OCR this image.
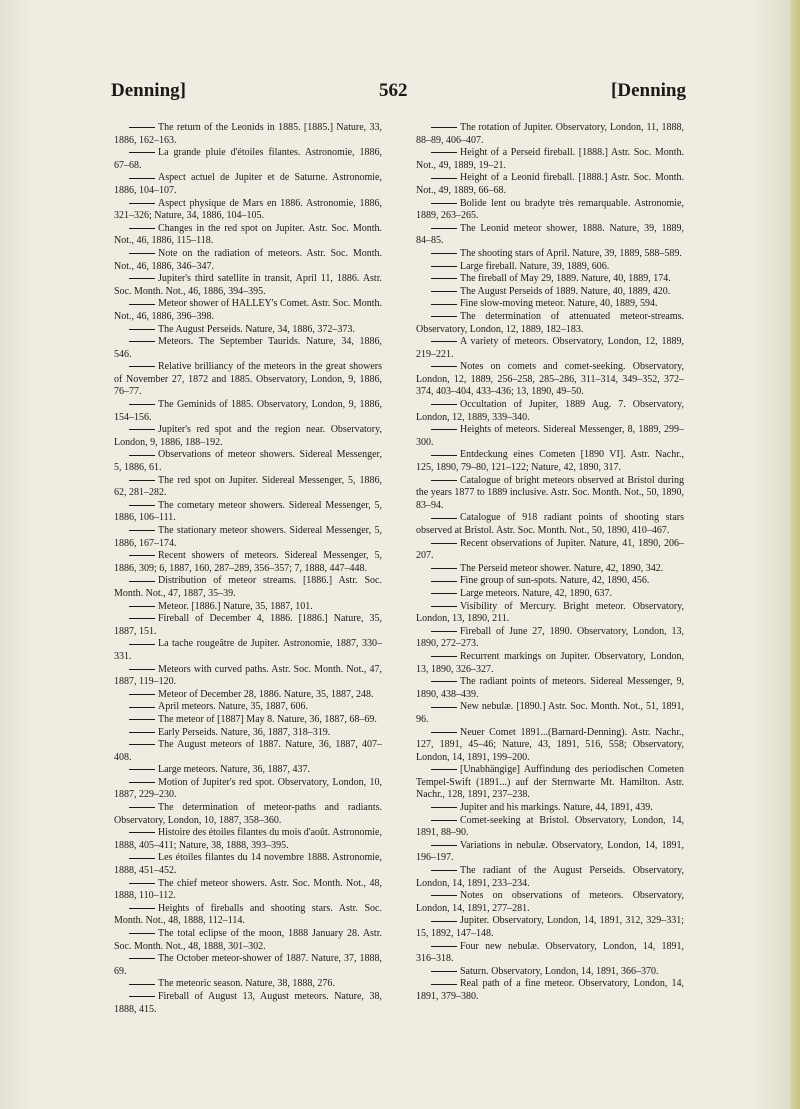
Denning]	562	[Denning
The return of the Leonids in 1885. [1885.] Nature, 33, 1886, 162–163.
La grande pluie d'étoiles filantes. Astronomie, 1886, 67–68.
Aspect actuel de Jupiter et de Saturne. Astronomie, 1886, 104–107.
Aspect physique de Mars en 1886. Astronomie, 1886, 321–326; Nature, 34, 1886, 104–105.
Changes in the red spot on Jupiter. Astr. Soc. Month. Not., 46, 1886, 115–118.
Note on the radiation of meteors. Astr. Soc. Month. Not., 46, 1886, 346–347.
Jupiter's third satellite in transit, April 11, 1886. Astr. Soc. Month. Not., 46, 1886, 394–395.
Meteor shower of HALLEY's Comet. Astr. Soc. Month. Not., 46, 1886, 396–398.
The August Perseids. Nature, 34, 1886, 372–373.
Meteors. The September Taurids. Nature, 34, 1886, 546.
Relative brilliancy of the meteors in the great showers of November 27, 1872 and 1885. Observatory, London, 9, 1886, 76–77.
The Geminids of 1885. Observatory, London, 9, 1886, 154–156.
Jupiter's red spot and the region near. Observatory, London, 9, 1886, 188–192.
Observations of meteor showers. Sidereal Messenger, 5, 1886, 61.
The red spot on Jupiter. Sidereal Messenger, 5, 1886, 62, 281–282.
The cometary meteor showers. Sidereal Messenger, 5, 1886, 106–111.
The stationary meteor showers. Sidereal Messenger, 5, 1886, 167–174.
Recent showers of meteors. Sidereal Messenger, 5, 1886, 309; 6, 1887, 160, 287–289, 356–357; 7, 1888, 447–448.
Distribution of meteor streams. [1886.] Astr. Soc. Month. Not., 47, 1887, 35–39.
Meteor. [1886.] Nature, 35, 1887, 101.
Fireball of December 4, 1886. [1886.] Nature, 35, 1887, 151.
La tache rougeâtre de Jupiter. Astronomie, 1887, 330–331.
Meteors with curved paths. Astr. Soc. Month. Not., 47, 1887, 119–120.
Meteor of December 28, 1886. Nature, 35, 1887, 248.
April meteors. Nature, 35, 1887, 606.
The meteor of [1887] May 8. Nature, 36, 1887, 68–69.
Early Perseids. Nature, 36, 1887, 318–319.
The August meteors of 1887. Nature, 36, 1887, 407–408.
Large meteors. Nature, 36, 1887, 437.
Motion of Jupiter's red spot. Observatory, London, 10, 1887, 229–230.
The determination of meteor-paths and radiants. Observatory, London, 10, 1887, 358–360.
Histoire des étoiles filantes du mois d'août. Astronomie, 1888, 405–411; Nature, 38, 1888, 393–395.
Les étoiles filantes du 14 novembre 1888. Astronomie, 1888, 451–452.
The chief meteor showers. Astr. Soc. Month. Not., 48, 1888, 110–112.
Heights of fireballs and shooting stars. Astr. Soc. Month. Not., 48, 1888, 112–114.
The total eclipse of the moon, 1888 January 28. Astr. Soc. Month. Not., 48, 1888, 301–302.
The October meteor-shower of 1887. Nature, 37, 1888, 69.
The meteoric season. Nature, 38, 1888, 276.
Fireball of August 13, August meteors. Nature, 38, 1888, 415.
The rotation of Jupiter. Observatory, London, 11, 1888, 88–89, 406–407.
Height of a Perseid fireball. [1888.] Astr. Soc. Month. Not., 49, 1889, 19–21.
Height of a Leonid fireball. [1888.] Astr. Soc. Month. Not., 49, 1889, 66–68.
Bolide lent ou bradyte très remarquable. Astronomie, 1889, 263–265.
The Leonid meteor shower, 1888. Nature, 39, 1889, 84–85.
The shooting stars of April. Nature, 39, 1889, 588–589.
Large fireball. Nature, 39, 1889, 606.
The fireball of May 29, 1889. Nature, 40, 1889, 174.
The August Perseids of 1889. Nature, 40, 1889, 420.
Fine slow-moving meteor. Nature, 40, 1889, 594.
The determination of attenuated meteor-streams. Observatory, London, 12, 1889, 182–183.
A variety of meteors. Observatory, London, 12, 1889, 219–221.
Notes on comets and comet-seeking. Observatory, London, 12, 1889, 256–258, 285–286, 311–314, 349–352, 372–374, 403–404, 433–436; 13, 1890, 49–50.
Occultation of Jupiter, 1889 Aug. 7. Observatory, London, 12, 1889, 339–340.
Heights of meteors. Sidereal Messenger, 8, 1889, 299–300.
Entdeckung eines Cometen [1890 VI]. Astr. Nachr., 125, 1890, 79–80, 121–122; Nature, 42, 1890, 317.
Catalogue of bright meteors observed at Bristol during the years 1877 to 1889 inclusive. Astr. Soc. Month. Not., 50, 1890, 83–94.
Catalogue of 918 radiant points of shooting stars observed at Bristol. Astr. Soc. Month. Not., 50, 1890, 410–467.
Recent observations of Jupiter. Nature, 41, 1890, 206–207.
The Perseid meteor shower. Nature, 42, 1890, 342.
Fine group of sun-spots. Nature, 42, 1890, 456.
Large meteors. Nature, 42, 1890, 637.
Visibility of Mercury. Bright meteor. Observatory, London, 13, 1890, 211.
Fireball of June 27, 1890. Observatory, London, 13, 1890, 272–273.
Recurrent markings on Jupiter. Observatory, London, 13, 1890, 326–327.
The radiant points of meteors. Sidereal Messenger, 9, 1890, 438–439.
New nebulæ. [1890.] Astr. Soc. Month. Not., 51, 1891, 96.
Neuer Comet 1891...(Barnard-Denning). Astr. Nachr., 127, 1891, 45–46; Nature, 43, 1891, 516, 558; Observatory, London, 14, 1891, 199–200.
[Unabhängige] Auffindung des periodischen Cometen Tempel-Swift (1891...) auf der Sternwarte Mt. Hamilton. Astr. Nachr., 128, 1891, 237–238.
Jupiter and his markings. Nature, 44, 1891, 439.
Comet-seeking at Bristol. Observatory, London, 14, 1891, 88–90.
Variations in nebulæ. Observatory, London, 14, 1891, 196–197.
The radiant of the August Perseids. Observatory, London, 14, 1891, 233–234.
Notes on observations of meteors. Observatory, London, 14, 1891, 277–281.
Jupiter. Observatory, London, 14, 1891, 312, 329–331; 15, 1892, 147–148.
Four new nebulæ. Observatory, London, 14, 1891, 316–318.
Saturn. Observatory, London, 14, 1891, 366–370.
Real path of a fine meteor. Observatory, London, 14, 1891, 379–380.
